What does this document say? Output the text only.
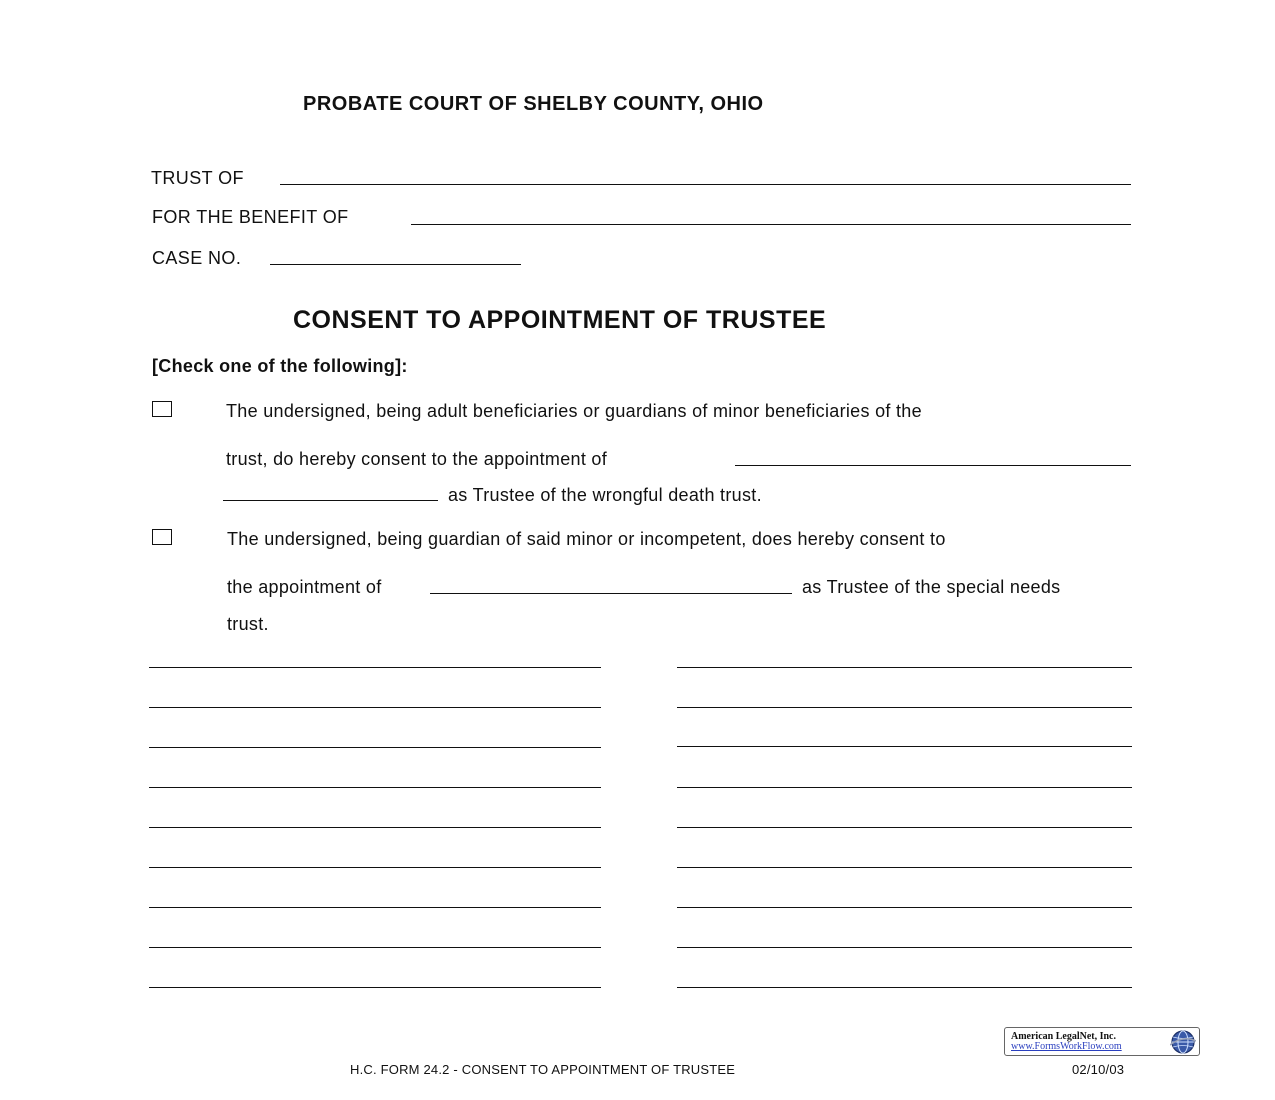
PROBATE COURT OF SHELBY COUNTY, OHIO
TRUST OF
FOR THE BENEFIT OF
CASE NO.
CONSENT TO APPOINTMENT OF TRUSTEE
[Check one of the following]:
The undersigned, being adult beneficiaries or guardians of minor beneficiaries of the
trust, do hereby consent to the appointment of
as Trustee of the wrongful death trust.
The undersigned, being guardian of said minor or incompetent, does hereby consent to
the appointment of	as Trustee of the special needs
trust.
American LegalNet, Inc.
www.FormsWorkFlow.com
H.C. FORM 24.2 - CONSENT TO APPOINTMENT OF TRUSTEE	02/10/03
